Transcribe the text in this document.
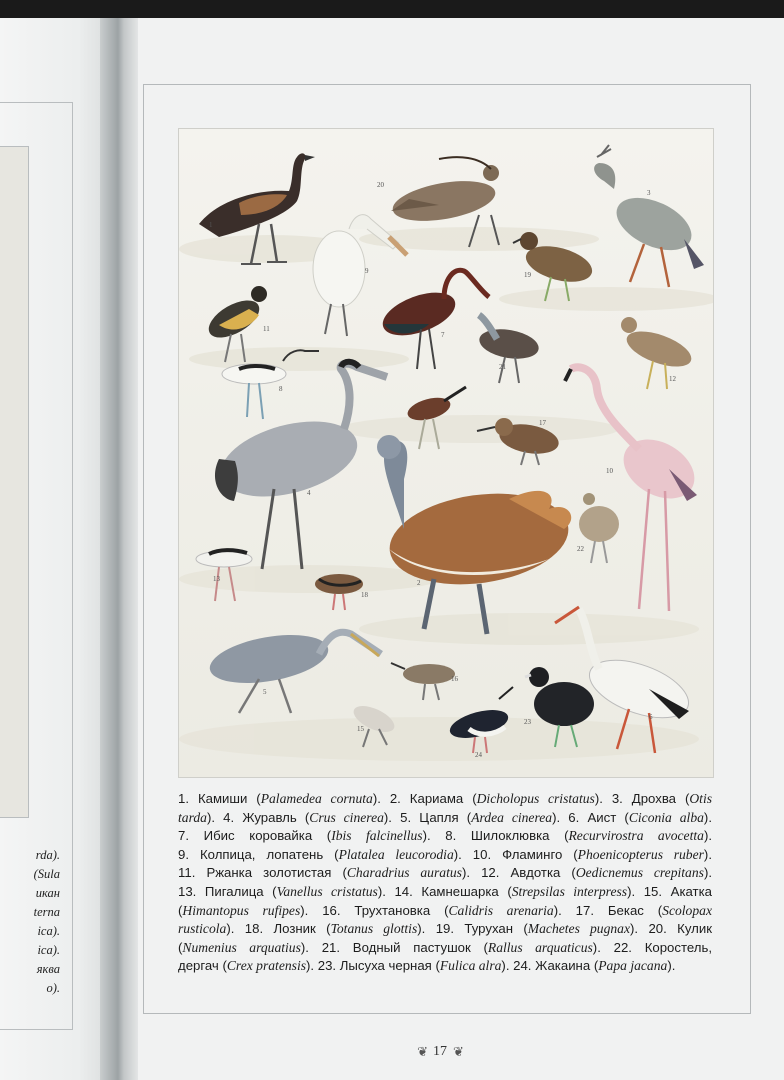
rda).
(Sula
икан
terna
ica).
ica).
яква
o).
1
20
3
9	19
11
7
21
12
8
17
10
4
2
22
13
18
6
5
23
16
15
24
1. Камиши (Palamedea cornuta). 2. Кариама (Dicholopus cristatus). 3. Дрохва (Otis
tarda). 4. Журавль (Crus cinerea). 5. Цапля (Ardea cinerea). 6. Аист (Ciconia alba).
7. Ибис коровайка (Ibis falcinellus). 8. Шилоклювка (Recurvirostra avocetta).
9. Колпица, лопатень (Platalea leucorodia). 10. Фламинго (Phoenicopterus ruber).
11. Ржанка золотистая (Charadrius auratus). 12. Авдотка (Oedicnemus crepitans).
13. Пигалица (Vanellus cristatus). 14. Камнешарка (Strepsilas interpress). 15. Акатка
(Himantopus rufipes). 16. Трухтановка (Calidris arenaria). 17. Бекас (Scolopax
rusticola). 18. Лозник (Totanus glottis). 19. Турухан (Machetes pugnax). 20. Кулик
(Numenius arquatius). 21. Водный пастушок (Rallus arquaticus). 22. Коростель,
дергач (Crex pratensis). 23. Лысуха черная (Fulica alra). 24. Жакаина (Papa jacana).
❦ 17 ❦
